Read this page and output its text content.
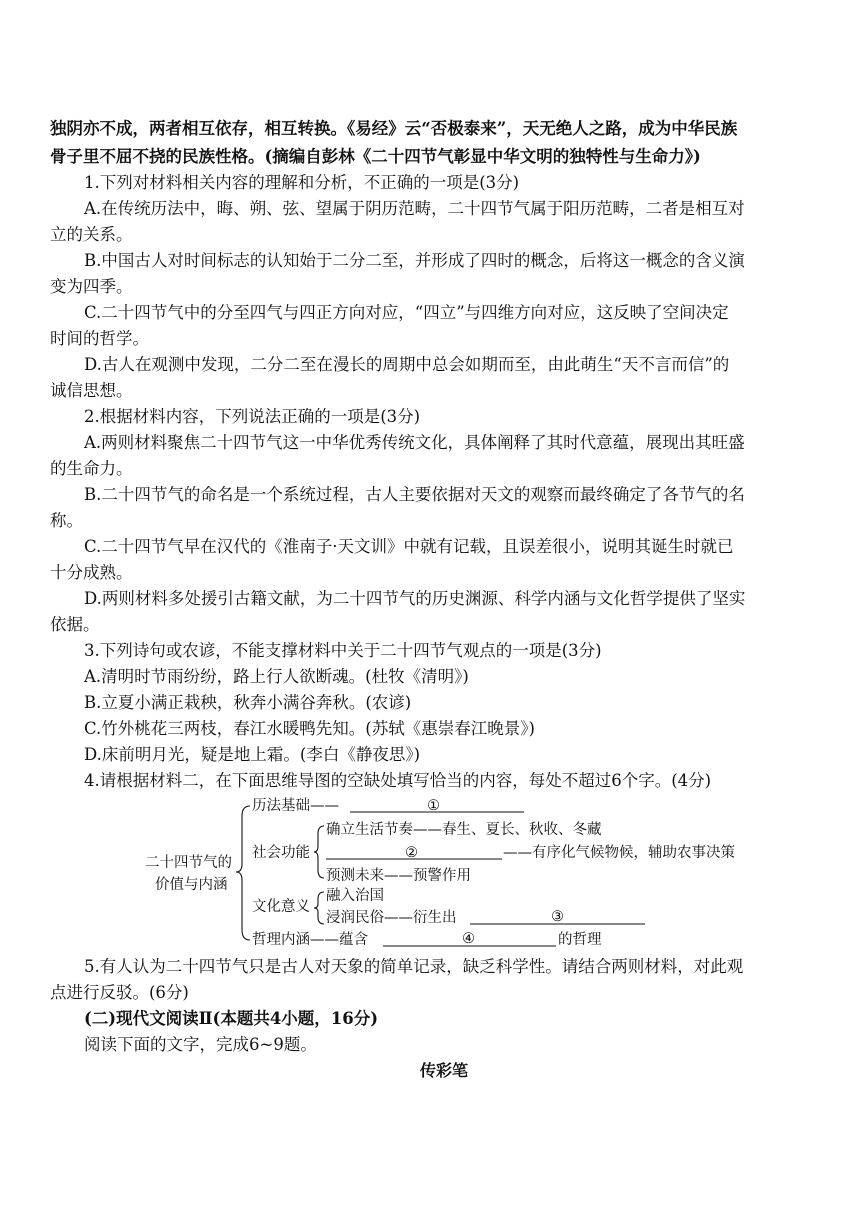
独阴亦不成，两者相互依存，相互转换。《易经》云“否极泰来”，天无绝人之路，成为中华民族
骨子里不屈不挠的民族性格。(摘编自彭林《二十四节气彰显中华文明的独特性与生命力》)
1.下列对材料相关内容的理解和分析，不正确的一项是(3分)
A.在传统历法中，晦、朔、弦、望属于阴历范畴，二十四节气属于阳历范畴，二者是相互对
立的关系。
B.中国古人对时间标志的认知始于二分二至，并形成了四时的概念，后将这一概念的含义演
变为四季。
C.二十四节气中的分至四气与四正方向对应，“四立”与四维方向对应，这反映了空间决定
时间的哲学。
D.古人在观测中发现，二分二至在漫长的周期中总会如期而至，由此萌生“天不言而信”的
诚信思想。
2.根据材料内容，下列说法正确的一项是(3分)
A.两则材料聚焦二十四节气这一中华优秀传统文化，具体阐释了其时代意蕴，展现出其旺盛
的生命力。
B.二十四节气的命名是一个系统过程，古人主要依据对天文的观察而最终确定了各节气的名
称。
C.二十四节气早在汉代的《淮南子·天文训》中就有记载，且误差很小，说明其诞生时就已
十分成熟。
D.两则材料多处援引古籍文献，为二十四节气的历史渊源、科学内涵与文化哲学提供了坚实
依据。
3.下列诗句或农谚，不能支撑材料中关于二十四节气观点的一项是(3分)
A.清明时节雨纷纷，路上行人欲断魂。(杜牧《清明》)
B.立夏小满正栽秧，秋奔小满谷奔秋。(农谚)
C.竹外桃花三两枝，春江水暖鸭先知。(苏轼《惠崇春江晚景》)
D.床前明月光，疑是地上霜。(李白《静夜思》)
4.请根据材料二，在下面思维导图的空缺处填写恰当的内容，每处不超过6个字。(4分)
二十四节气的
价值与内涵
历法基础——	①
社会功能
确立生活节奏——春生、夏长、秋收、冬藏
②	——有序化气候物候，辅助农事决策
预测未来——预警作用
文化意义
融入治国
浸润民俗——衍生出	③
哲理内涵——蕴含	④	的哲理
5.有人认为二十四节气只是古人对天象的简单记录，缺乏科学性。请结合两则材料，对此观
点进行反驳。(6分)
(二)现代文阅读Ⅱ(本题共4小题，16分)
阅读下面的文字，完成6~9题。
传彩笔
